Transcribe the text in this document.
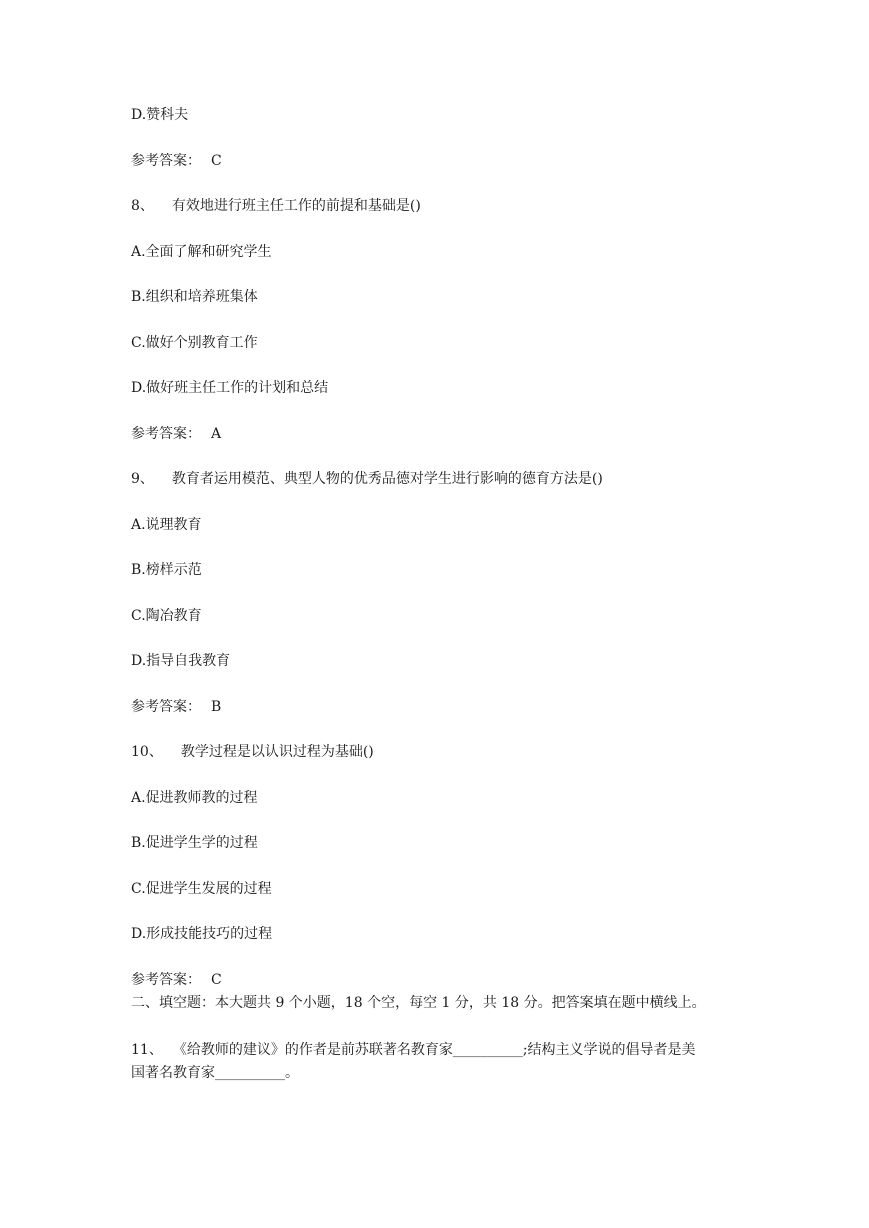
D.赞科夫
参考答案： C
8、 有效地进行班主任工作的前提和基础是()
A.全面了解和研究学生
B.组织和培养班集体
C.做好个别教育工作
D.做好班主任工作的计划和总结
参考答案： A
9、 教育者运用模范、典型人物的优秀品德对学生进行影响的德育方法是()
A.说理教育
B.榜样示范
C.陶冶教育
D.指导自我教育
参考答案： B
10、 教学过程是以认识过程为基础()
A.促进教师教的过程
B.促进学生学的过程
C.促进学生发展的过程
D.形成技能技巧的过程
参考答案： C
二、填空题：本大题共 9 个小题，18 个空，每空 1 分，共 18 分。把答案填在题中横线上。
11、 《给教师的建议》的作者是前苏联著名教育家__________;结构主义学说的倡导者是美
国著名教育家__________。
